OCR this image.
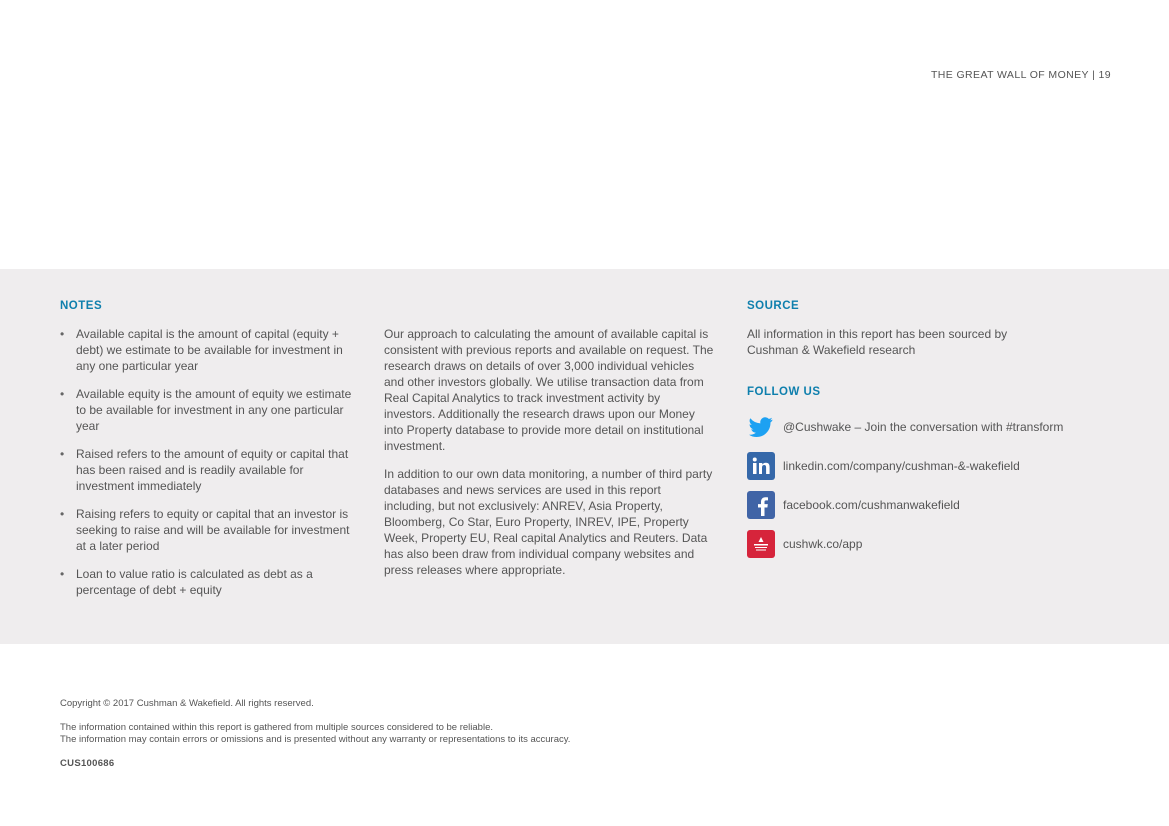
THE GREAT WALL OF MONEY | 19
NOTES
• Available capital is the amount of capital (equity + debt) we estimate to be available for investment in any one particular year
• Available equity is the amount of equity we estimate to be available for investment in any one particular year
• Raised refers to the amount of equity or capital that has been raised and is readily available for investment immediately
• Raising refers to equity or capital that an investor is seeking to raise and will be available for investment at a later period
• Loan to value ratio is calculated as debt as a percentage of debt + equity

Our approach to calculating the amount of available capital is consistent with previous reports and available on request. The research draws on details of over 3,000 individual vehicles and other investors globally. We utilise transaction data from Real Capital Analytics to track investment activity by investors. Additionally the research draws upon our Money into Property database to provide more detail on institutional investment.

In addition to our own data monitoring, a number of third party databases and news services are used in this report including, but not exclusively: ANREV, Asia Property, Bloomberg, Co Star, Euro Property, INREV, IPE, Property Week, Property EU, Real capital Analytics and Reuters. Data has also been draw from individual company websites and press releases where appropriate.

SOURCE

All information in this report has been sourced by Cushman & Wakefield research

FOLLOW US
@Cushwake – Join the conversation with #transform
linkedin.com/company/cushman-&-wakefield
facebook.com/cushmanwakefield
cushwk.co/app
Copyright © 2017 Cushman & Wakefield. All rights reserved.
The information contained within this report is gathered from multiple sources considered to be reliable.
The information may contain errors or omissions and is presented without any warranty or representations to its accuracy.
CUS100686
